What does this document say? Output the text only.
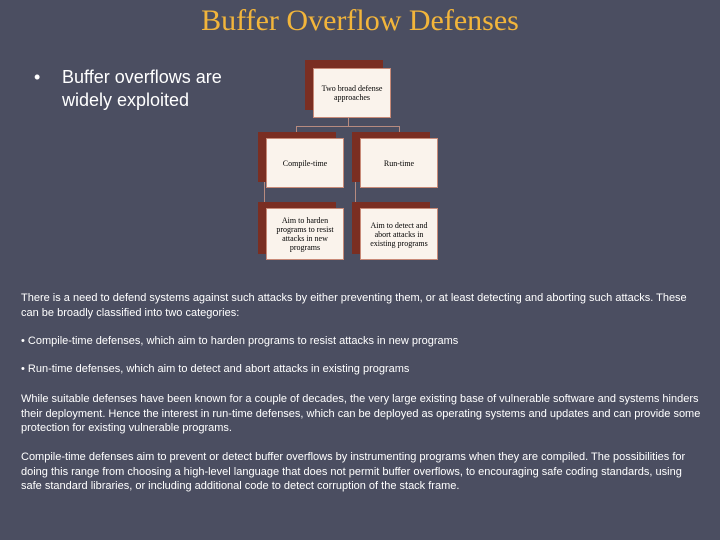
Buffer Overflow Defenses
• Buffer overflows are widely exploited
Two broad defense approaches
Compile-time	Run-time
Aim to harden programs to resist attacks in new programs
Aim to detect and abort attacks in existing programs
There is a need to defend systems against such attacks by either preventing them, or at least detecting and aborting such attacks. These can be broadly classified into two categories:
• Compile-time defenses, which aim to harden programs to resist attacks in new programs
• Run-time defenses, which aim to detect and abort attacks in existing programs
While suitable defenses have been known for a couple of decades, the very large existing base of vulnerable software and systems hinders their deployment. Hence the interest in run-time defenses, which can be deployed as operating systems and updates and can provide some protection for existing vulnerable programs.
Compile-time defenses aim to prevent or detect buffer overflows by instrumenting programs when they are compiled. The possibilities for doing this range from choosing a high-level language that does not permit buffer overflows, to encouraging safe coding standards, using safe standard libraries, or including additional code to detect corruption of the stack frame.
